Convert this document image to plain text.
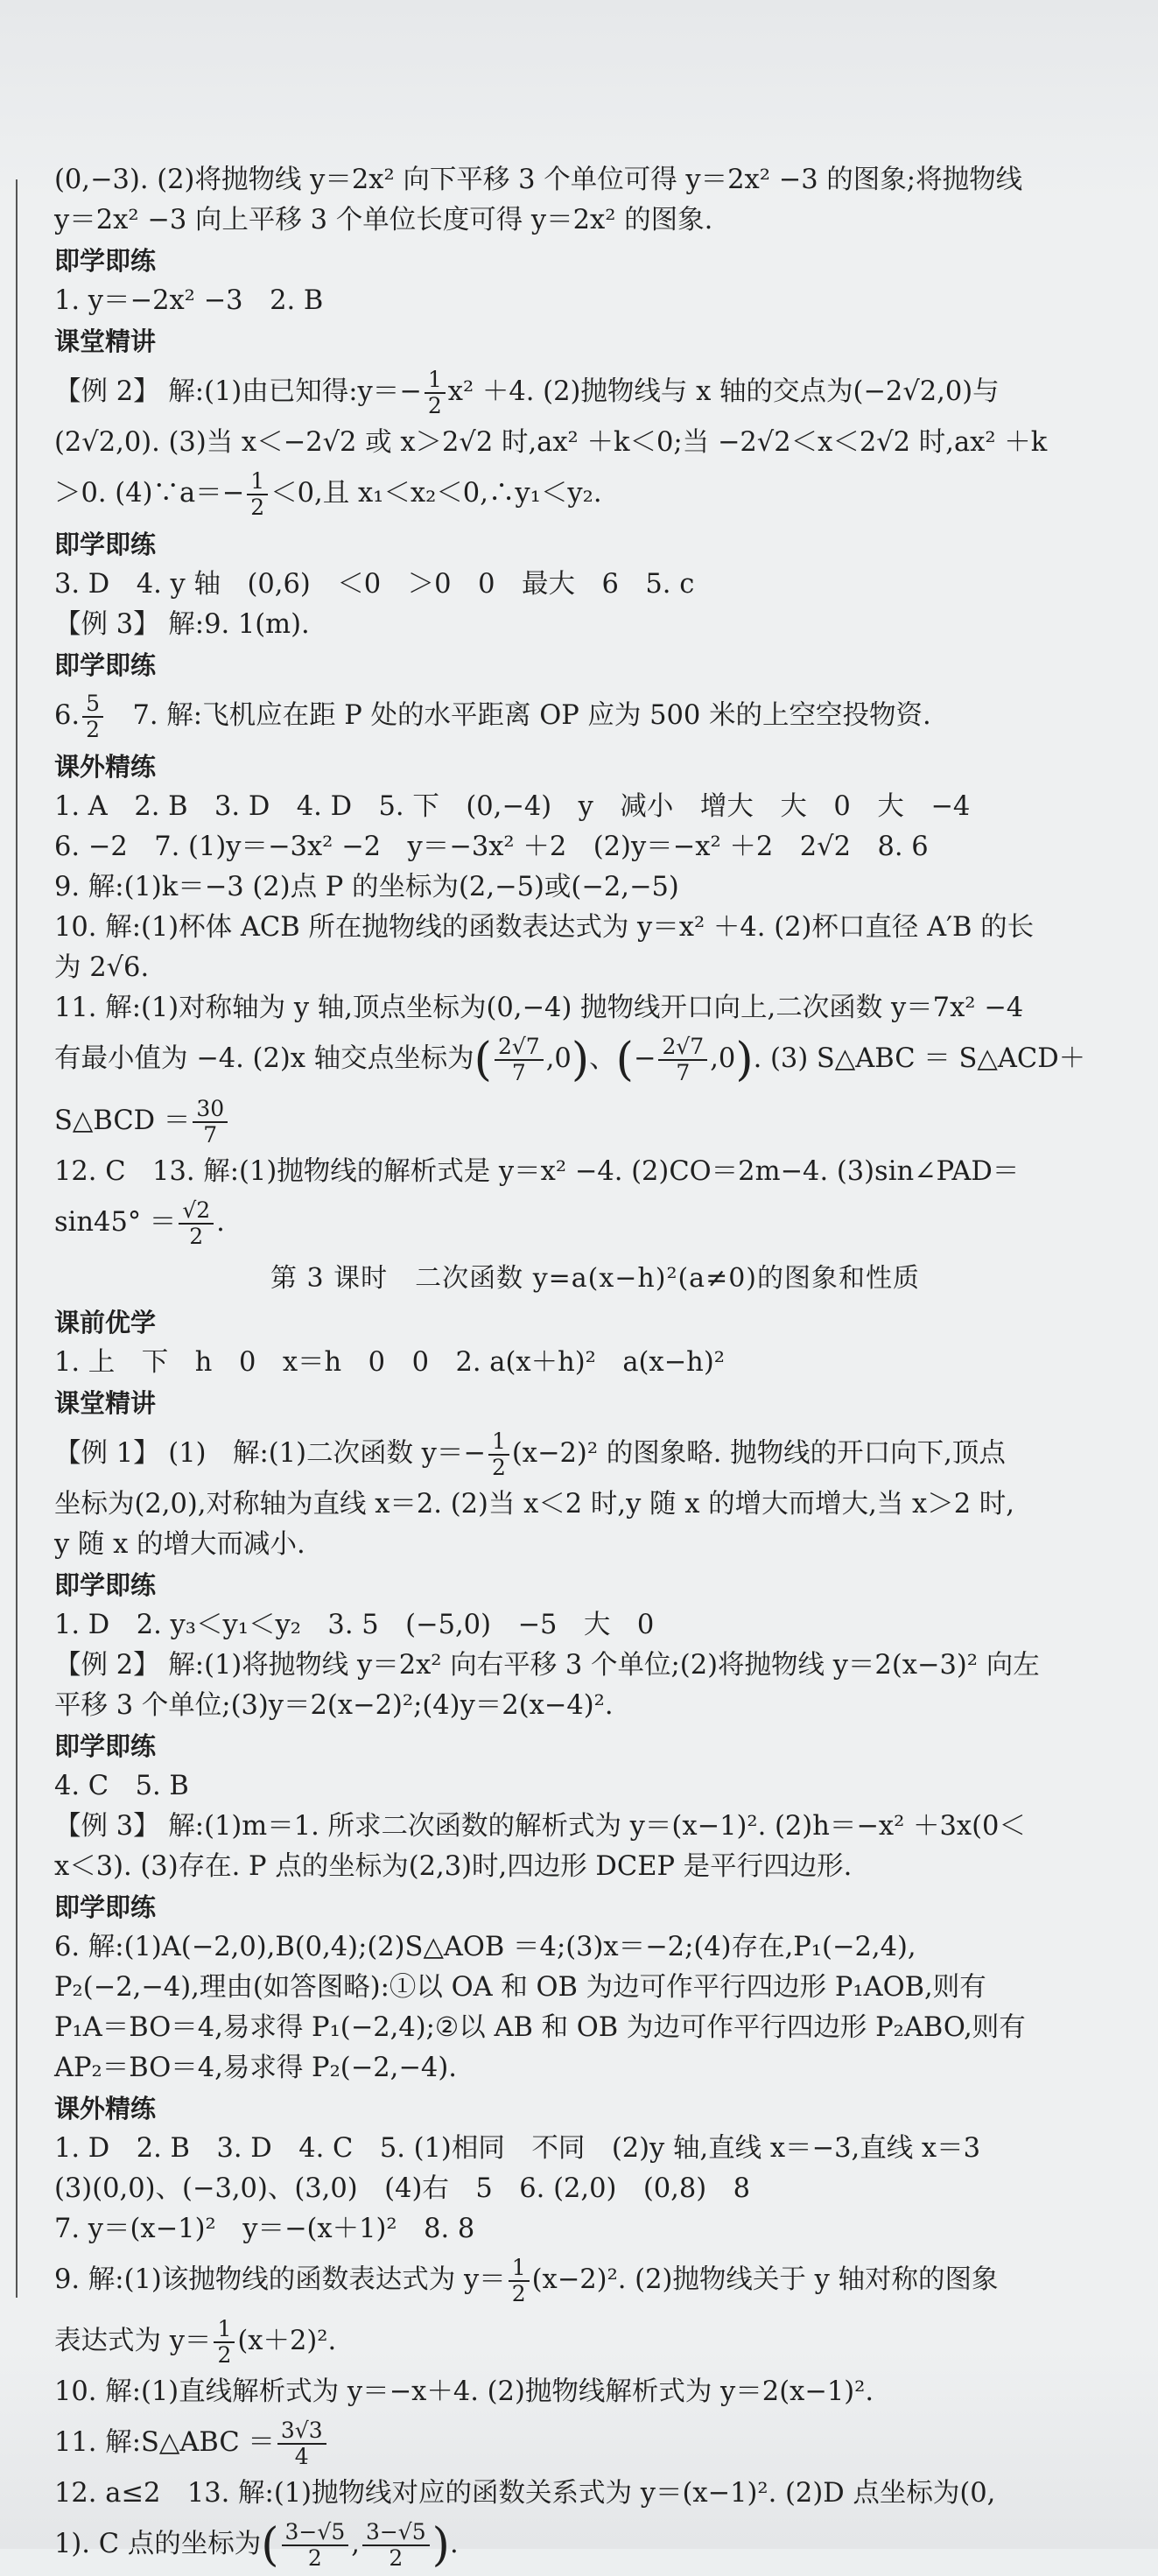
(0,−3). (2)将抛物线 y＝2x² 向下平移 3 个单位可得 y＝2x² −3 的图象;将抛物线

y＝2x² −3 向上平移 3 个单位长度可得 y＝2x² 的图象.

即学即练

1. y＝−2x² −3　2. B

课堂精讲

【例 2】 解:(1)由已知得:y＝− $\frac{1}{2} x^2 +4$. (2)抛物线与 x 轴的交点为(−2√2,0)与

(2√2,0). (3)当 x＜−2√2 或 x＞2√2 时,ax² ＋k＜0;当 −2√2＜x＜2√2 时,ax² ＋k

＞0. (4)∵a＝− $\frac{1}{2} <0$,且 x₁＜x₂＜0,∴y₁＜y₂.

即学即练

3. D　4. y 轴　(0,6)　＜0　＞0　0　最大　6　5. c

【例 3】 解:9. 1(m).

即学即练

6. $\frac{5}{2}$ 　7. 解:飞机应在距 P 处的水平距离 OP 应为 500 米的上空空投物资.

课外精练

1. A　2. B　3. D　4. D　5. 下　(0,−4)　y　减小　增大　大　0　大　−4

6. −2　7. (1)y＝−3x² −2　y＝−3x² ＋2　(2)y＝−x² ＋2　2√2　8. 6

9. 解:(1)k＝−3 (2)点 P 的坐标为(2,−5)或(−2,−5)

10. 解:(1)杯体 ACB 所在抛物线的函数表达式为 y＝x² ＋4. (2)杯口直径 A′B 的长

为 2√6.

11. 解:(1)对称轴为 y 轴,顶点坐标为(0,−4) 抛物线开口向上,二次函数 y＝7x² −4

有最小值为 −4. (2)x 轴交点坐标为( $\frac{2√7}{7} ,0$)、(− $\frac{2√7}{7} ,0$). (3) S△ABC ＝ S△ACD＋

S△BCD ＝ $\frac{30}{7}$

12. C　13. 解:(1)抛物线的解析式是 y＝x² −4. (2)CO＝2m−4. (3)sin∠PAD＝

$\sin 45^\circ = \frac{√2}{2}$ .

第 3 课时　二次函数 y=a(x−h)²(a≠0)的图象和性质

课前优学

1. 上　下　h　0　x＝h　0　0　2. a(x＋h)²　a(x−h)²

课堂精讲

【例 1】 (1)　解:(1)二次函数 $y=- \frac{1}{2} (x-2)^2$ 的图象略. 抛物线的开口向下,顶点

坐标为(2,0),对称轴为直线 x＝2. (2)当 x＜2 时,y 随 x 的增大而增大,当 x＞2 时,

y 随 x 的增大而减小.

即学即练

1. D　2. y₃＜y₁＜y₂　3. 5　(−5,0)　−5　大　0

【例 2】 解:(1)将抛物线 y＝2x² 向右平移 3 个单位;(2)将抛物线 y＝2(x−3)² 向左

平移 3 个单位;(3)y＝2(x−2)²;(4)y＝2(x−4)².

即学即练

4. C　5. B

【例 3】 解:(1)m＝1. 所求二次函数的解析式为 y＝(x−1)². (2)h＝−x² ＋3x(0＜

x＜3). (3)存在. P 点的坐标为(2,3)时,四边形 DCEP 是平行四边形.

即学即练

6. 解:(1)A(−2,0),B(0,4);(2)S△AOB ＝4;(3)x＝−2;(4)存在,P₁(−2,4),

P₂(−2,−4),理由(如答图略):①以 OA 和 OB 为边可作平行四边形 P₁AOB,则有

P₁A＝BO＝4,易求得 P₁(−2,4);②以 AB 和 OB 为边可作平行四边形 P₂ABO,则有

AP₂＝BO＝4,易求得 P₂(−2,−4).

课外精练

1. D　2. B　3. D　4. C　5. (1)相同　不同　(2)y 轴,直线 x＝−3,直线 x＝3

(3)(0,0)、(−3,0)、(3,0)　(4)右　5　6. (2,0)　(0,8)　8

7. y＝(x−1)²　y＝−(x＋1)²　8. 8

9. 解:(1)该抛物线的函数表达式为 $y= \frac{1}{2} (x-2)^2$. (2)抛物线关于 y 轴对称的图象

表达式为 $y= \frac{1}{2} (x+2)^2$.

10. 解:(1)直线解析式为 y＝−x＋4. (2)抛物线解析式为 y＝2(x−1)².

11. 解:S△ABC ＝ $\frac{3√3}{4}$

12. a≤2　13. 解:(1)抛物线对应的函数关系式为 y＝(x−1)². (2)D 点坐标为(0,

1). C 点的坐标为( $\frac{3-√5}{2}$ , $\frac{3-√5}{2}$ ).
